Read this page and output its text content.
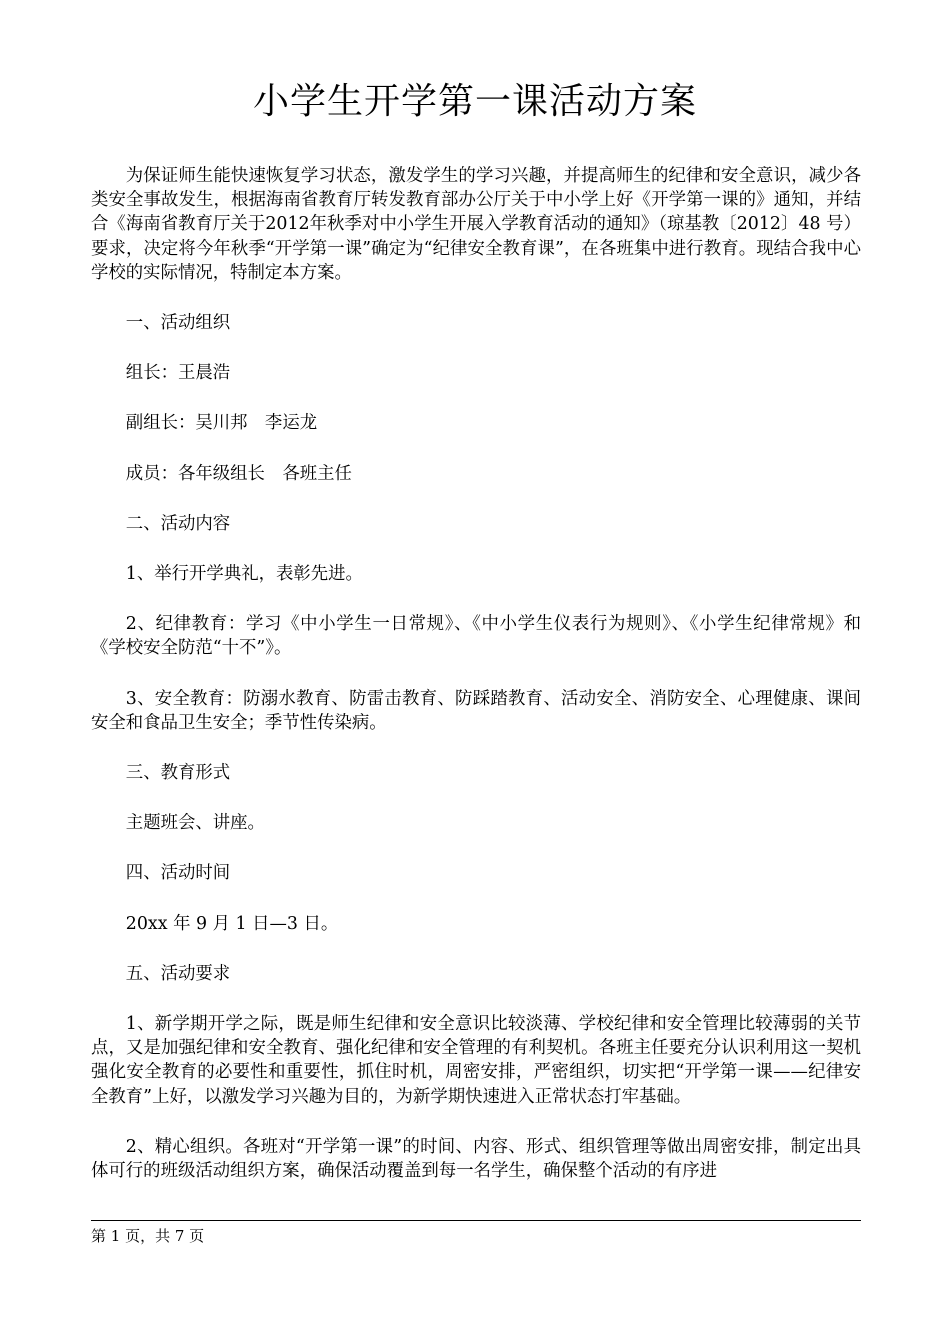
小学生开学第一课活动方案

为保证师生能快速恢复学习状态，激发学生的学习兴趣，并提高师生的纪律和安全意识，减少各类安全事故发生，根据海南省教育厅转发教育部办公厅关于中小学上好《开学第一课的》通知，并结合《海南省教育厅关于2012年秋季对中小学生开展入学教育活动的通知》（琼基教〔2012〕48 号）要求，决定将今年秋季“开学第一课”确定为“纪律安全教育课”，在各班集中进行教育。现结合我中心学校的实际情况，特制定本方案。

一、活动组织

组长：王晨浩

副组长：吴川邦　李运龙

成员：各年级组长　各班主任

二、活动内容

1、举行开学典礼，表彰先进。

2、纪律教育：学习《中小学生一日常规》、《中小学生仪表行为规则》、《小学生纪律常规》和《学校安全防范“十不”》。

3、安全教育：防溺水教育、防雷击教育、防踩踏教育、活动安全、消防安全、心理健康、课间安全和食品卫生安全；季节性传染病。

三、教育形式

主题班会、讲座。

四、活动时间

20xx 年 9 月 1 日—3 日。

五、活动要求

1、新学期开学之际，既是师生纪律和安全意识比较淡薄、学校纪律和安全管理比较薄弱的关节点，又是加强纪律和安全教育、强化纪律和安全管理的有利契机。各班主任要充分认识利用这一契机强化安全教育的必要性和重要性，抓住时机，周密安排，严密组织，切实把“开学第一课——纪律安全教育”上好，以激发学习兴趣为目的，为新学期快速进入正常状态打牢基础。

2、精心组织。各班对“开学第一课”的时间、内容、形式、组织管理等做出周密安排，制定出具体可行的班级活动组织方案，确保活动覆盖到每一名学生，确保整个活动的有序进

第 1 页，共 7 页
